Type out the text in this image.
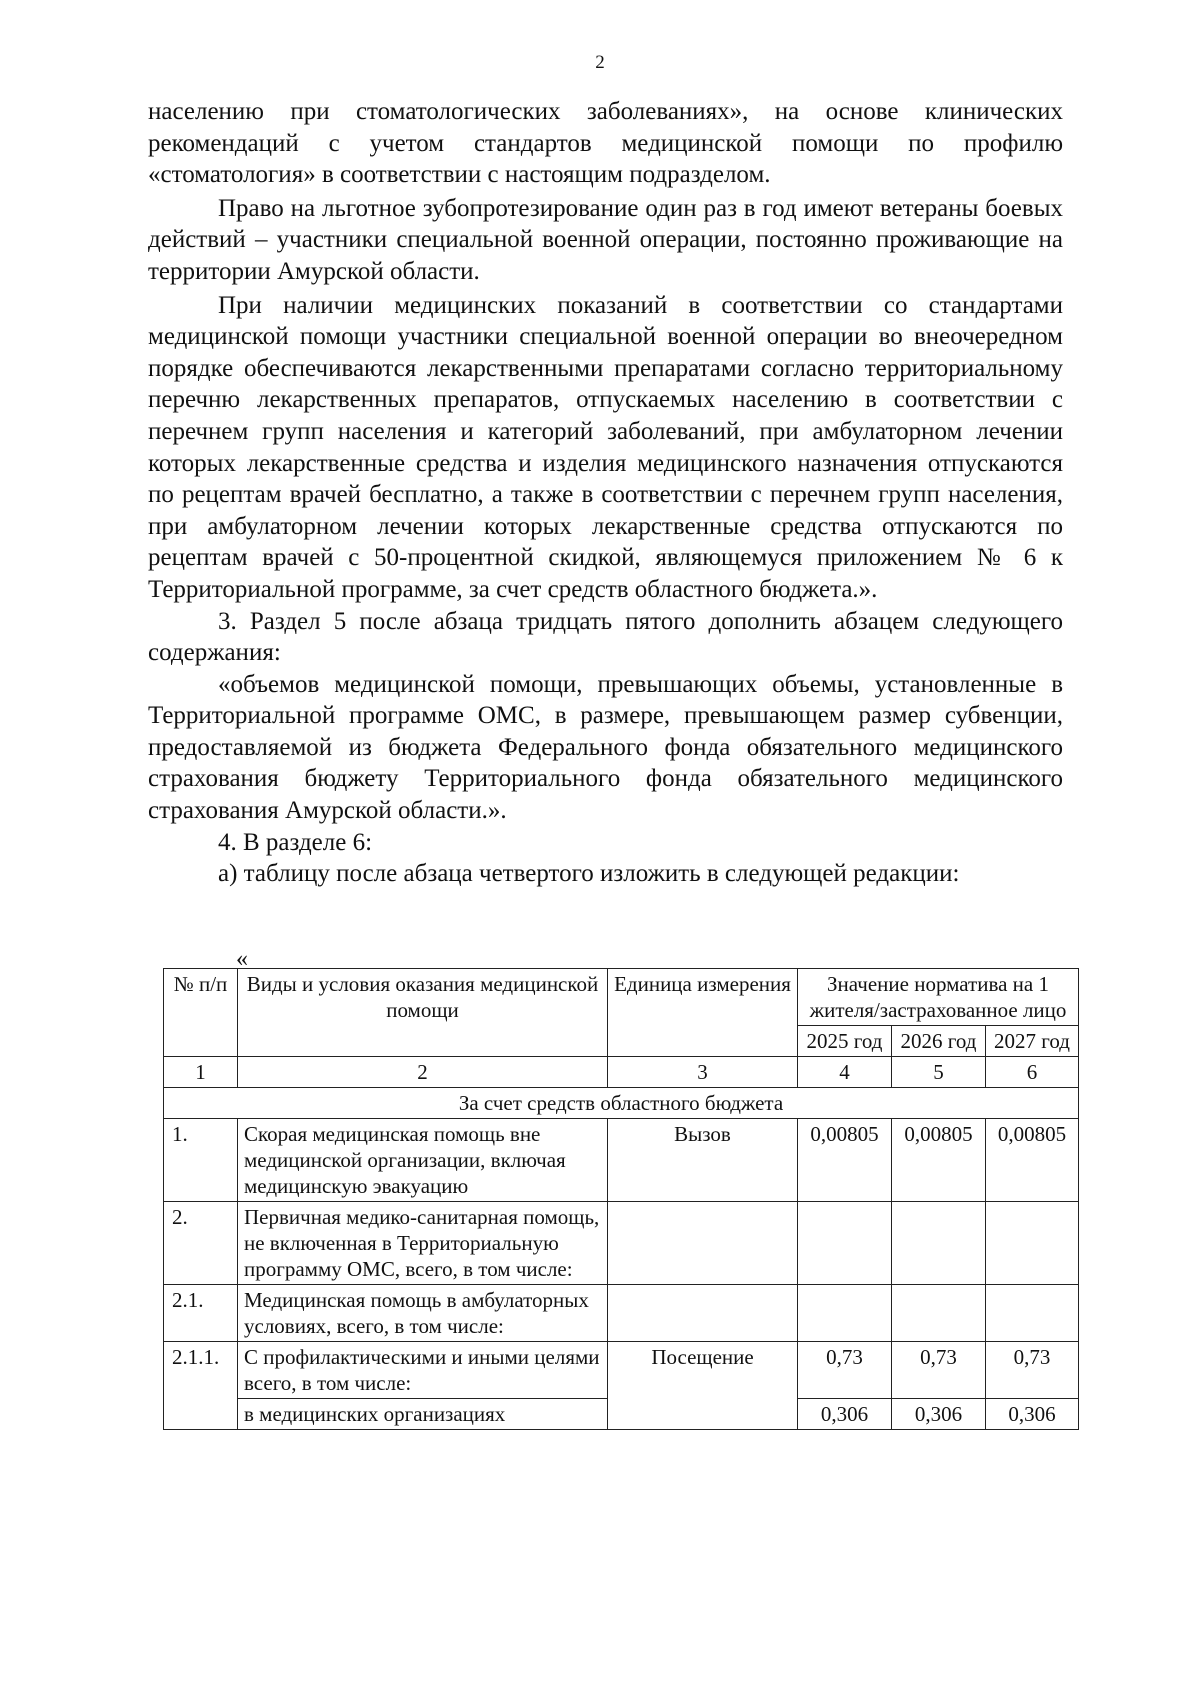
2

населению при стоматологических заболеваниях», на основе клинических рекомендаций с учетом стандартов медицинской помощи по профилю «стоматология» в соответствии с настоящим подразделом.

Право на льготное зубопротезирование один раз в год имеют ветераны боевых действий – участники специальной военной операции, постоянно проживающие на территории Амурской области.

При наличии медицинских показаний в соответствии со стандартами медицинской помощи участники специальной военной операции во внеочередном порядке обеспечиваются лекарственными препаратами согласно территориальному перечню лекарственных препаратов, отпускаемых населению в соответствии с перечнем групп населения и категорий заболеваний, при амбулаторном лечении которых лекарственные средства и изделия медицинского назначения отпускаются по рецептам врачей бесплатно, а также в соответствии с перечнем групп населения, при амбулаторном лечении которых лекарственные средства отпускаются по рецептам врачей с 50-процентной скидкой, являющемуся приложением № 6 к Территориальной программе, за счет средств областного бюджета.».

3. Раздел 5 после абзаца тридцать пятого дополнить абзацем следующего содержания:

«объемов медицинской помощи, превышающих объемы, установленные в Территориальной программе ОМС, в размере, превышающем размер субвенции, предоставляемой из бюджета Федерального фонда обязательного медицинского страхования бюджету Территориального фонда обязательного медицинского страхования Амурской области.».

4. В разделе 6:

а) таблицу после абзаца четвертого изложить в следующей редакции:

«
№ п/п	Виды и условия оказания медицинской помощи	Единица измерения	Значение норматива на 1 жителя/застрахованное лицо		
			2025 год	2026 год	2027 год
1	2	3	4	5	6
За счет средств областного бюджета					
1.	Скорая медицинская помощь вне медицинской организации, включая медицинскую эвакуацию	Вызов	0,00805	0,00805	0,00805
2.	Первичная медико-санитарная помощь, не включенная в Территориальную программу ОМС, всего, в том числе:				
2.1.	Медицинская помощь в амбулаторных условиях, всего, в том числе:				
2.1.1.	С профилактическими и иными целями всего, в том числе:	Посещение	0,73	0,73	0,73
	в медицинских организациях		0,306	0,306	0,306
